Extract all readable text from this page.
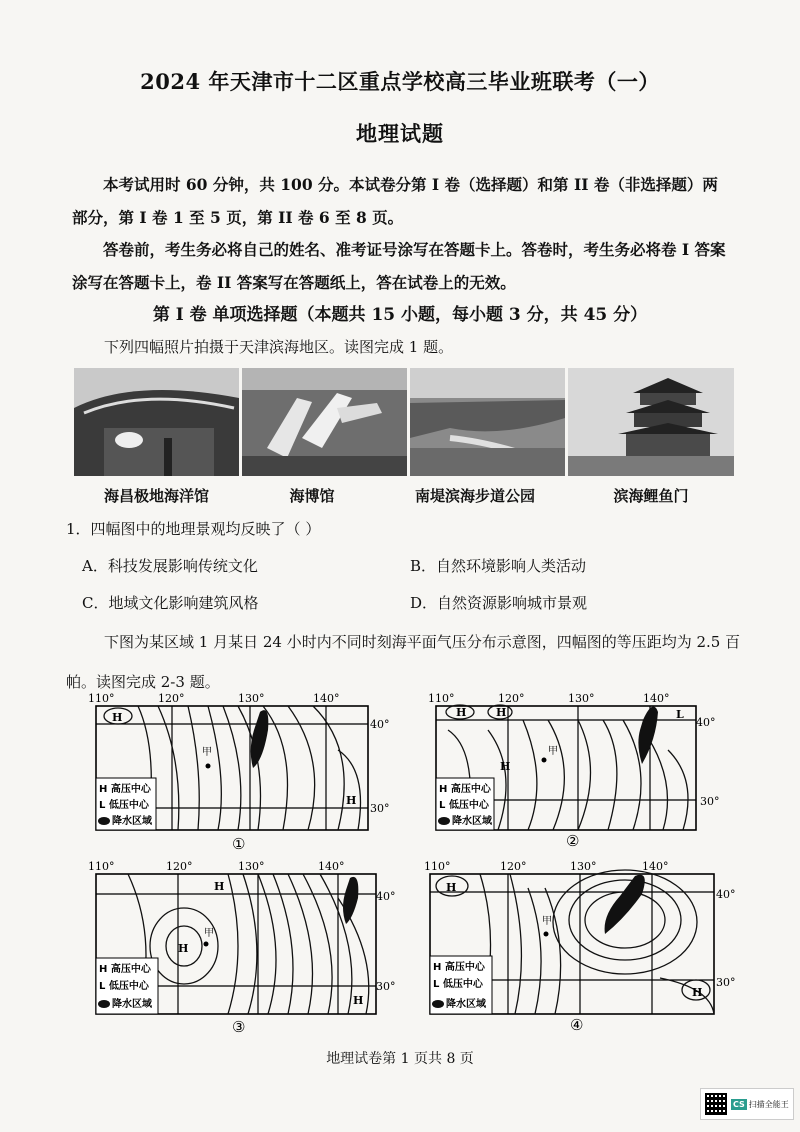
2024 年天津市十二区重点学校高三毕业班联考（一）
地理试题
本考试用时 60 分钟，共 100 分。本试卷分第 I 卷（选择题）和第 II 卷（非选择题）两部分，第 I 卷 1 至 5 页，第 II 卷 6 至 8 页。
答卷前，考生务必将自己的姓名、准考证号涂写在答题卡上。答卷时，考生务必将卷 I 答案涂写在答题卡上，卷 II 答案写在答题纸上，答在试卷上的无效。
第 I 卷 单项选择题（本题共 15 小题，每小题 3 分，共 45 分）
下列四幅照片拍摄于天津滨海地区。读图完成 1 题。
海昌极地海洋馆	海博馆	南堤滨海步道公园	滨海鲤鱼门
1．四幅图中的地理景观均反映了（ ）
A．科技发展影响传统文化	B．自然环境影响人类活动
C．地域文化影响建筑风格	D．自然资源影响城市景观
下图为某区域 1 月某日 24 小时内不同时刻海平面气压分布示意图，四幅图的等压距均为 2.5 百帕。读图完成 2-3 题。
110°	120°	130°	140°
40°
30°
H
H
甲
H 高压中心
L 低压中心
降水区域
①
110°	120°	130°	140°
40°
30°
H	H	L
H
甲
H 高压中心
L 低压中心
降水区域
②
110°	120°	130°	140°
40°
30°
H
H
H
甲
H 高压中心
L 低压中心
降水区域
③
110°	120°	130°	140°
40°
30°
H
H
甲
H 高压中心
L 低压中心
降水区域
④
地理试卷第 1 页共 8 页
CS 扫描全能王
